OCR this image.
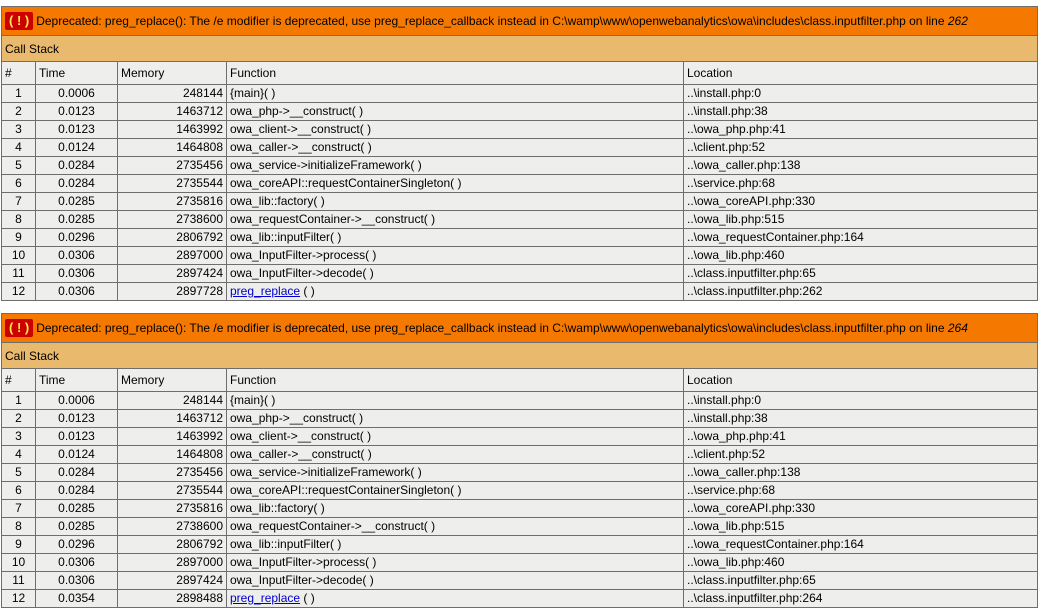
( ! ) Deprecated: preg_replace(): The /e modifier is deprecated, use preg_replace_callback instead in C:\wamp\www\openwebanalytics\owa\includes\class.inputfilter.php on line 262				
Call Stack				
#	Time	Memory	Function	Location
1	0.0006	248144	{main}( )	..\install.php:0
2	0.0123	1463712	owa_php->__construct( )	..\install.php:38
3	0.0123	1463992	owa_client->__construct( )	..\owa_php.php:41
4	0.0124	1464808	owa_caller->__construct( )	..\client.php:52
5	0.0284	2735456	owa_service->initializeFramework( )	..\owa_caller.php:138
6	0.0284	2735544	owa_coreAPI::requestContainerSingleton( )	..\service.php:68
7	0.0285	2735816	owa_lib::factory( )	..\owa_coreAPI.php:330
8	0.0285	2738600	owa_requestContainer->__construct( )	..\owa_lib.php:515
9	0.0296	2806792	owa_lib::inputFilter( )	..\owa_requestContainer.php:164
10	0.0306	2897000	owa_InputFilter->process( )	..\owa_lib.php:460
11	0.0306	2897424	owa_InputFilter->decode( )	..\class.inputfilter.php:65
12	0.0306	2897728	preg_replace ( )	..\class.inputfilter.php:262
( ! ) Deprecated: preg_replace(): The /e modifier is deprecated, use preg_replace_callback instead in C:\wamp\www\openwebanalytics\owa\includes\class.inputfilter.php on line 264				
Call Stack				
#	Time	Memory	Function	Location
1	0.0006	248144	{main}( )	..\install.php:0
2	0.0123	1463712	owa_php->__construct( )	..\install.php:38
3	0.0123	1463992	owa_client->__construct( )	..\owa_php.php:41
4	0.0124	1464808	owa_caller->__construct( )	..\client.php:52
5	0.0284	2735456	owa_service->initializeFramework( )	..\owa_caller.php:138
6	0.0284	2735544	owa_coreAPI::requestContainerSingleton( )	..\service.php:68
7	0.0285	2735816	owa_lib::factory( )	..\owa_coreAPI.php:330
8	0.0285	2738600	owa_requestContainer->__construct( )	..\owa_lib.php:515
9	0.0296	2806792	owa_lib::inputFilter( )	..\owa_requestContainer.php:164
10	0.0306	2897000	owa_InputFilter->process( )	..\owa_lib.php:460
11	0.0306	2897424	owa_InputFilter->decode( )	..\class.inputfilter.php:65
12	0.0354	2898488	preg_replace ( )	..\class.inputfilter.php:264
